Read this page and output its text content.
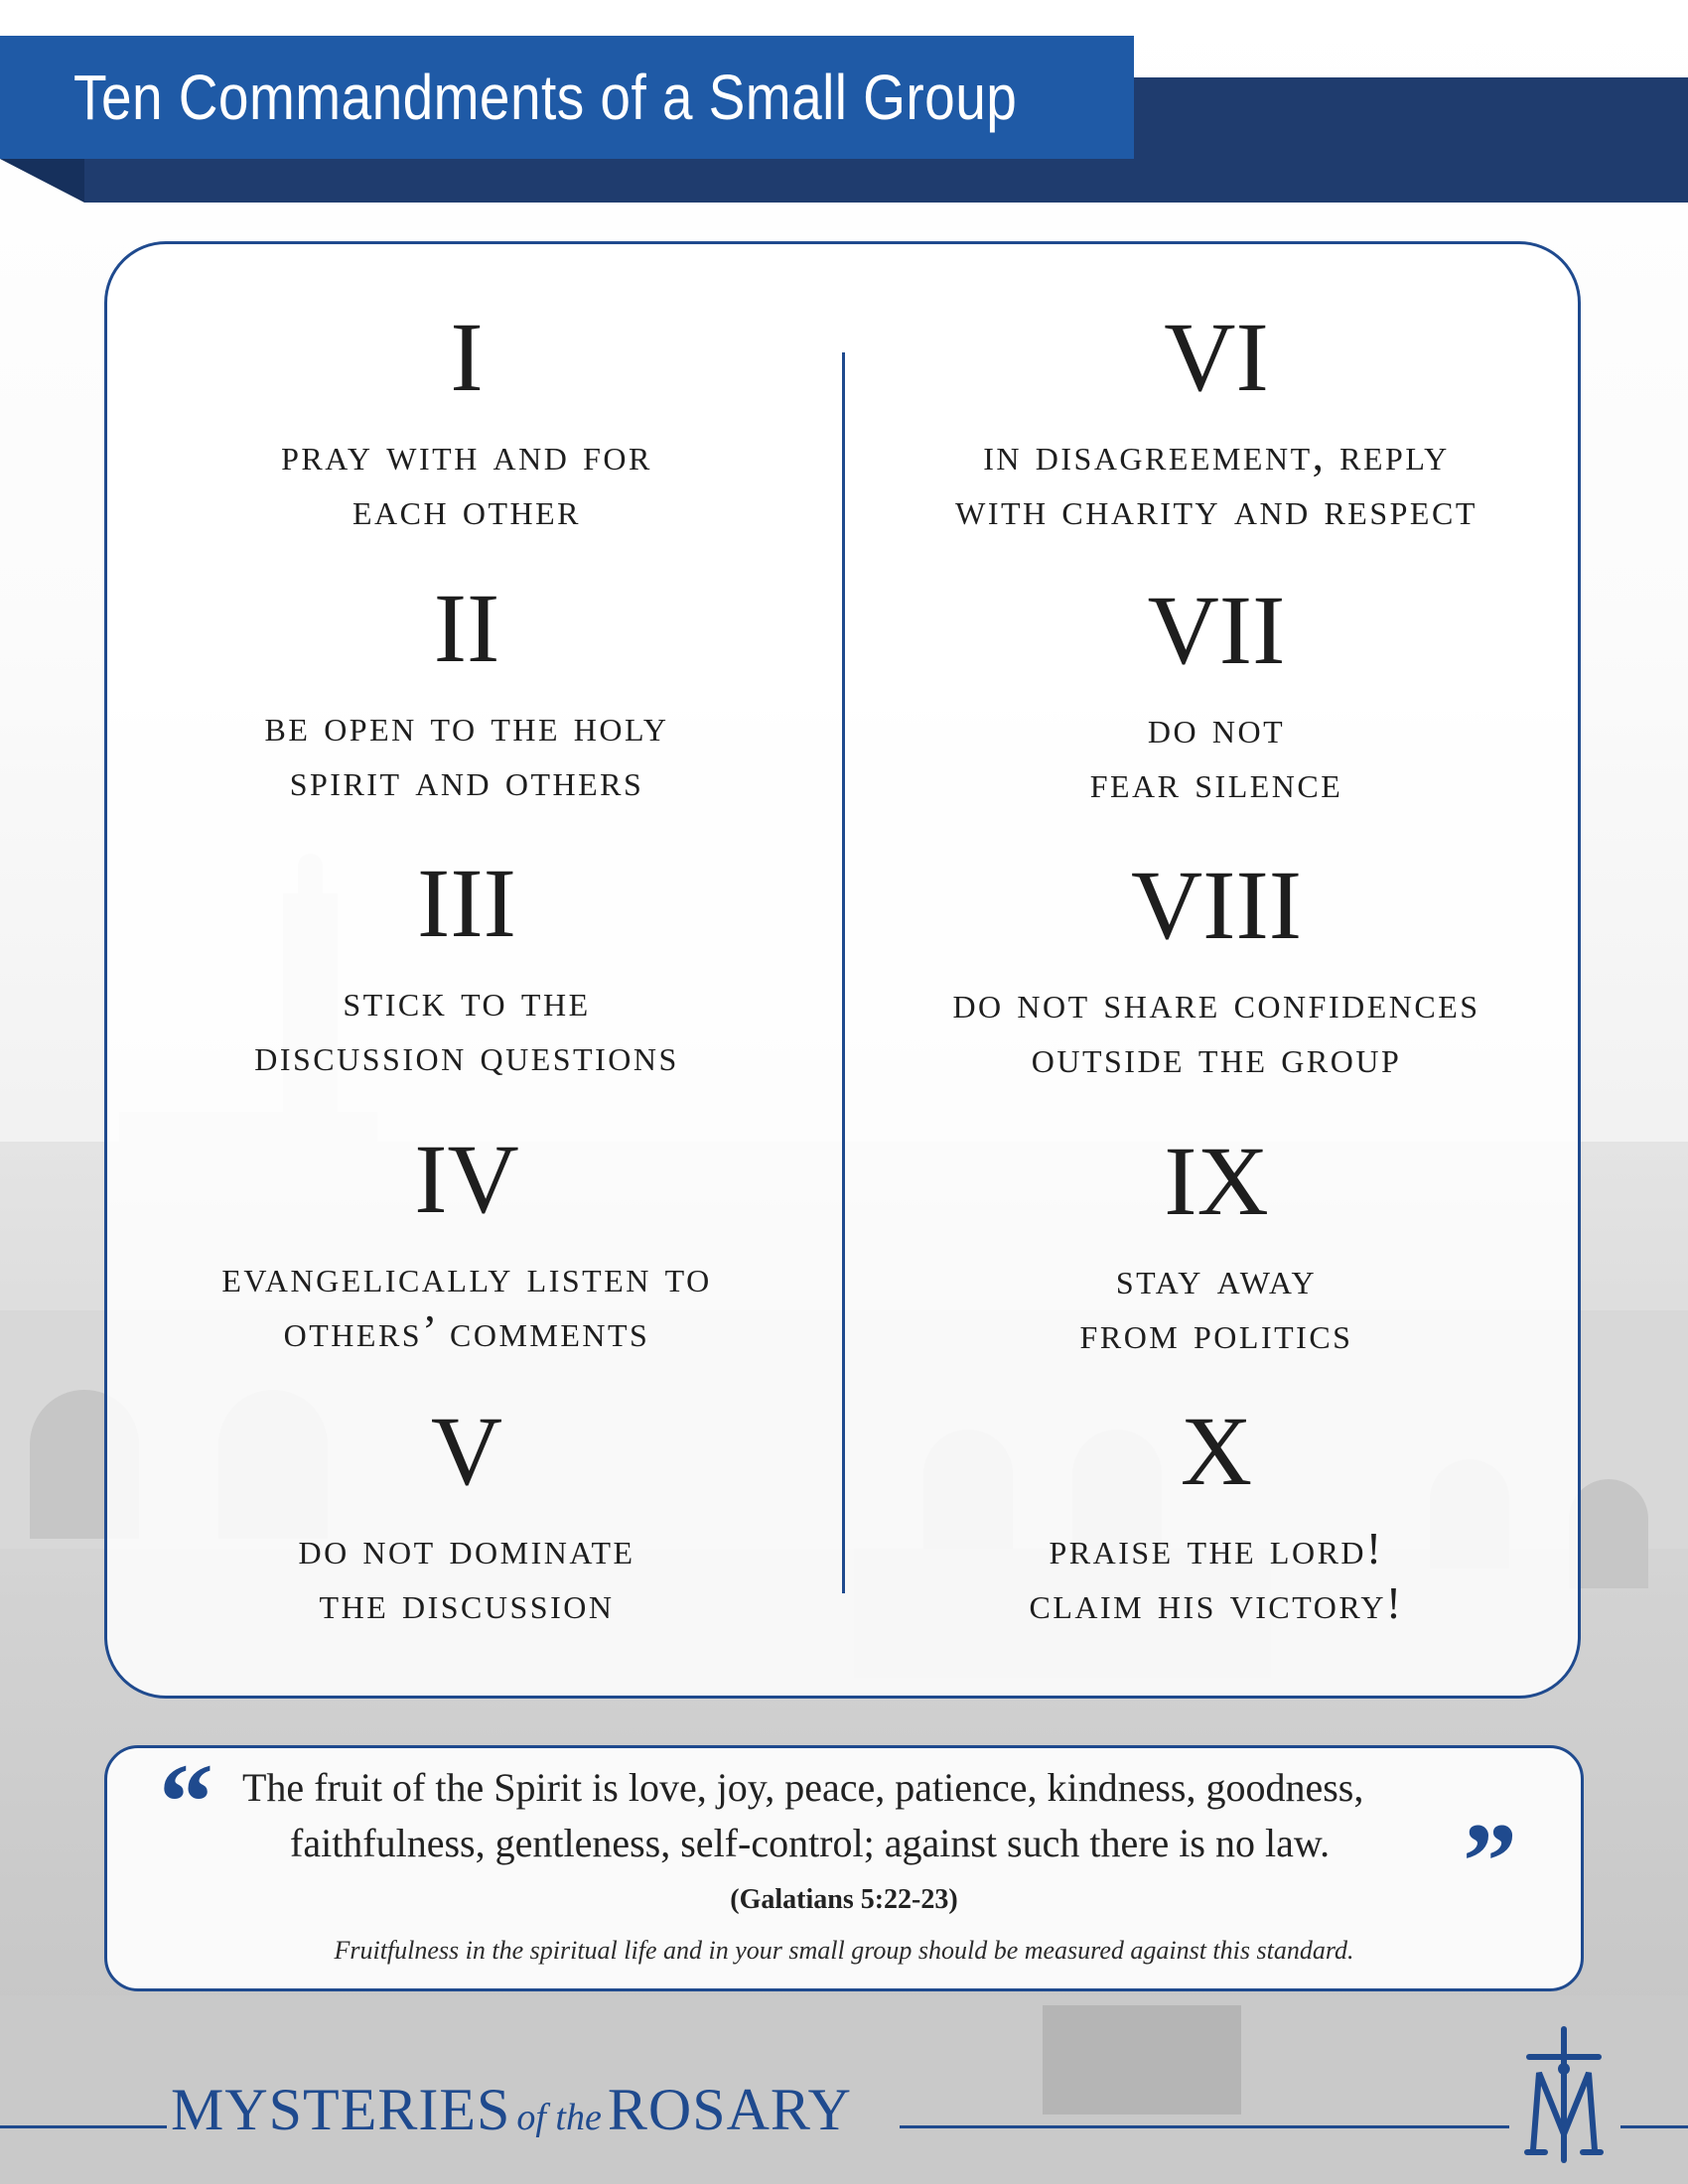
Ten Commandments of a Small Group
I
pray with and for
each other
II
be open to the holy
spirit and others
III
stick to the
discussion questions
IV
evangelically listen to
others’ comments
V
do not dominate
the discussion
VI
in disagreement, reply
with charity and respect
VII
do not
fear silence
VIII
do not share confidences
outside the group
IX
stay away
from politics
X
praise the lord!
claim his victory!
“ The fruit of the Spirit is love, joy, peace, patience, kindness, goodness,
faithfulness, gentleness, self-control; against such there is no law. ”
(Galatians 5:22-23)
Fruitfulness in the spiritual life and in your small group should be measured against this standard.
MYSTERIES of the ROSARY
